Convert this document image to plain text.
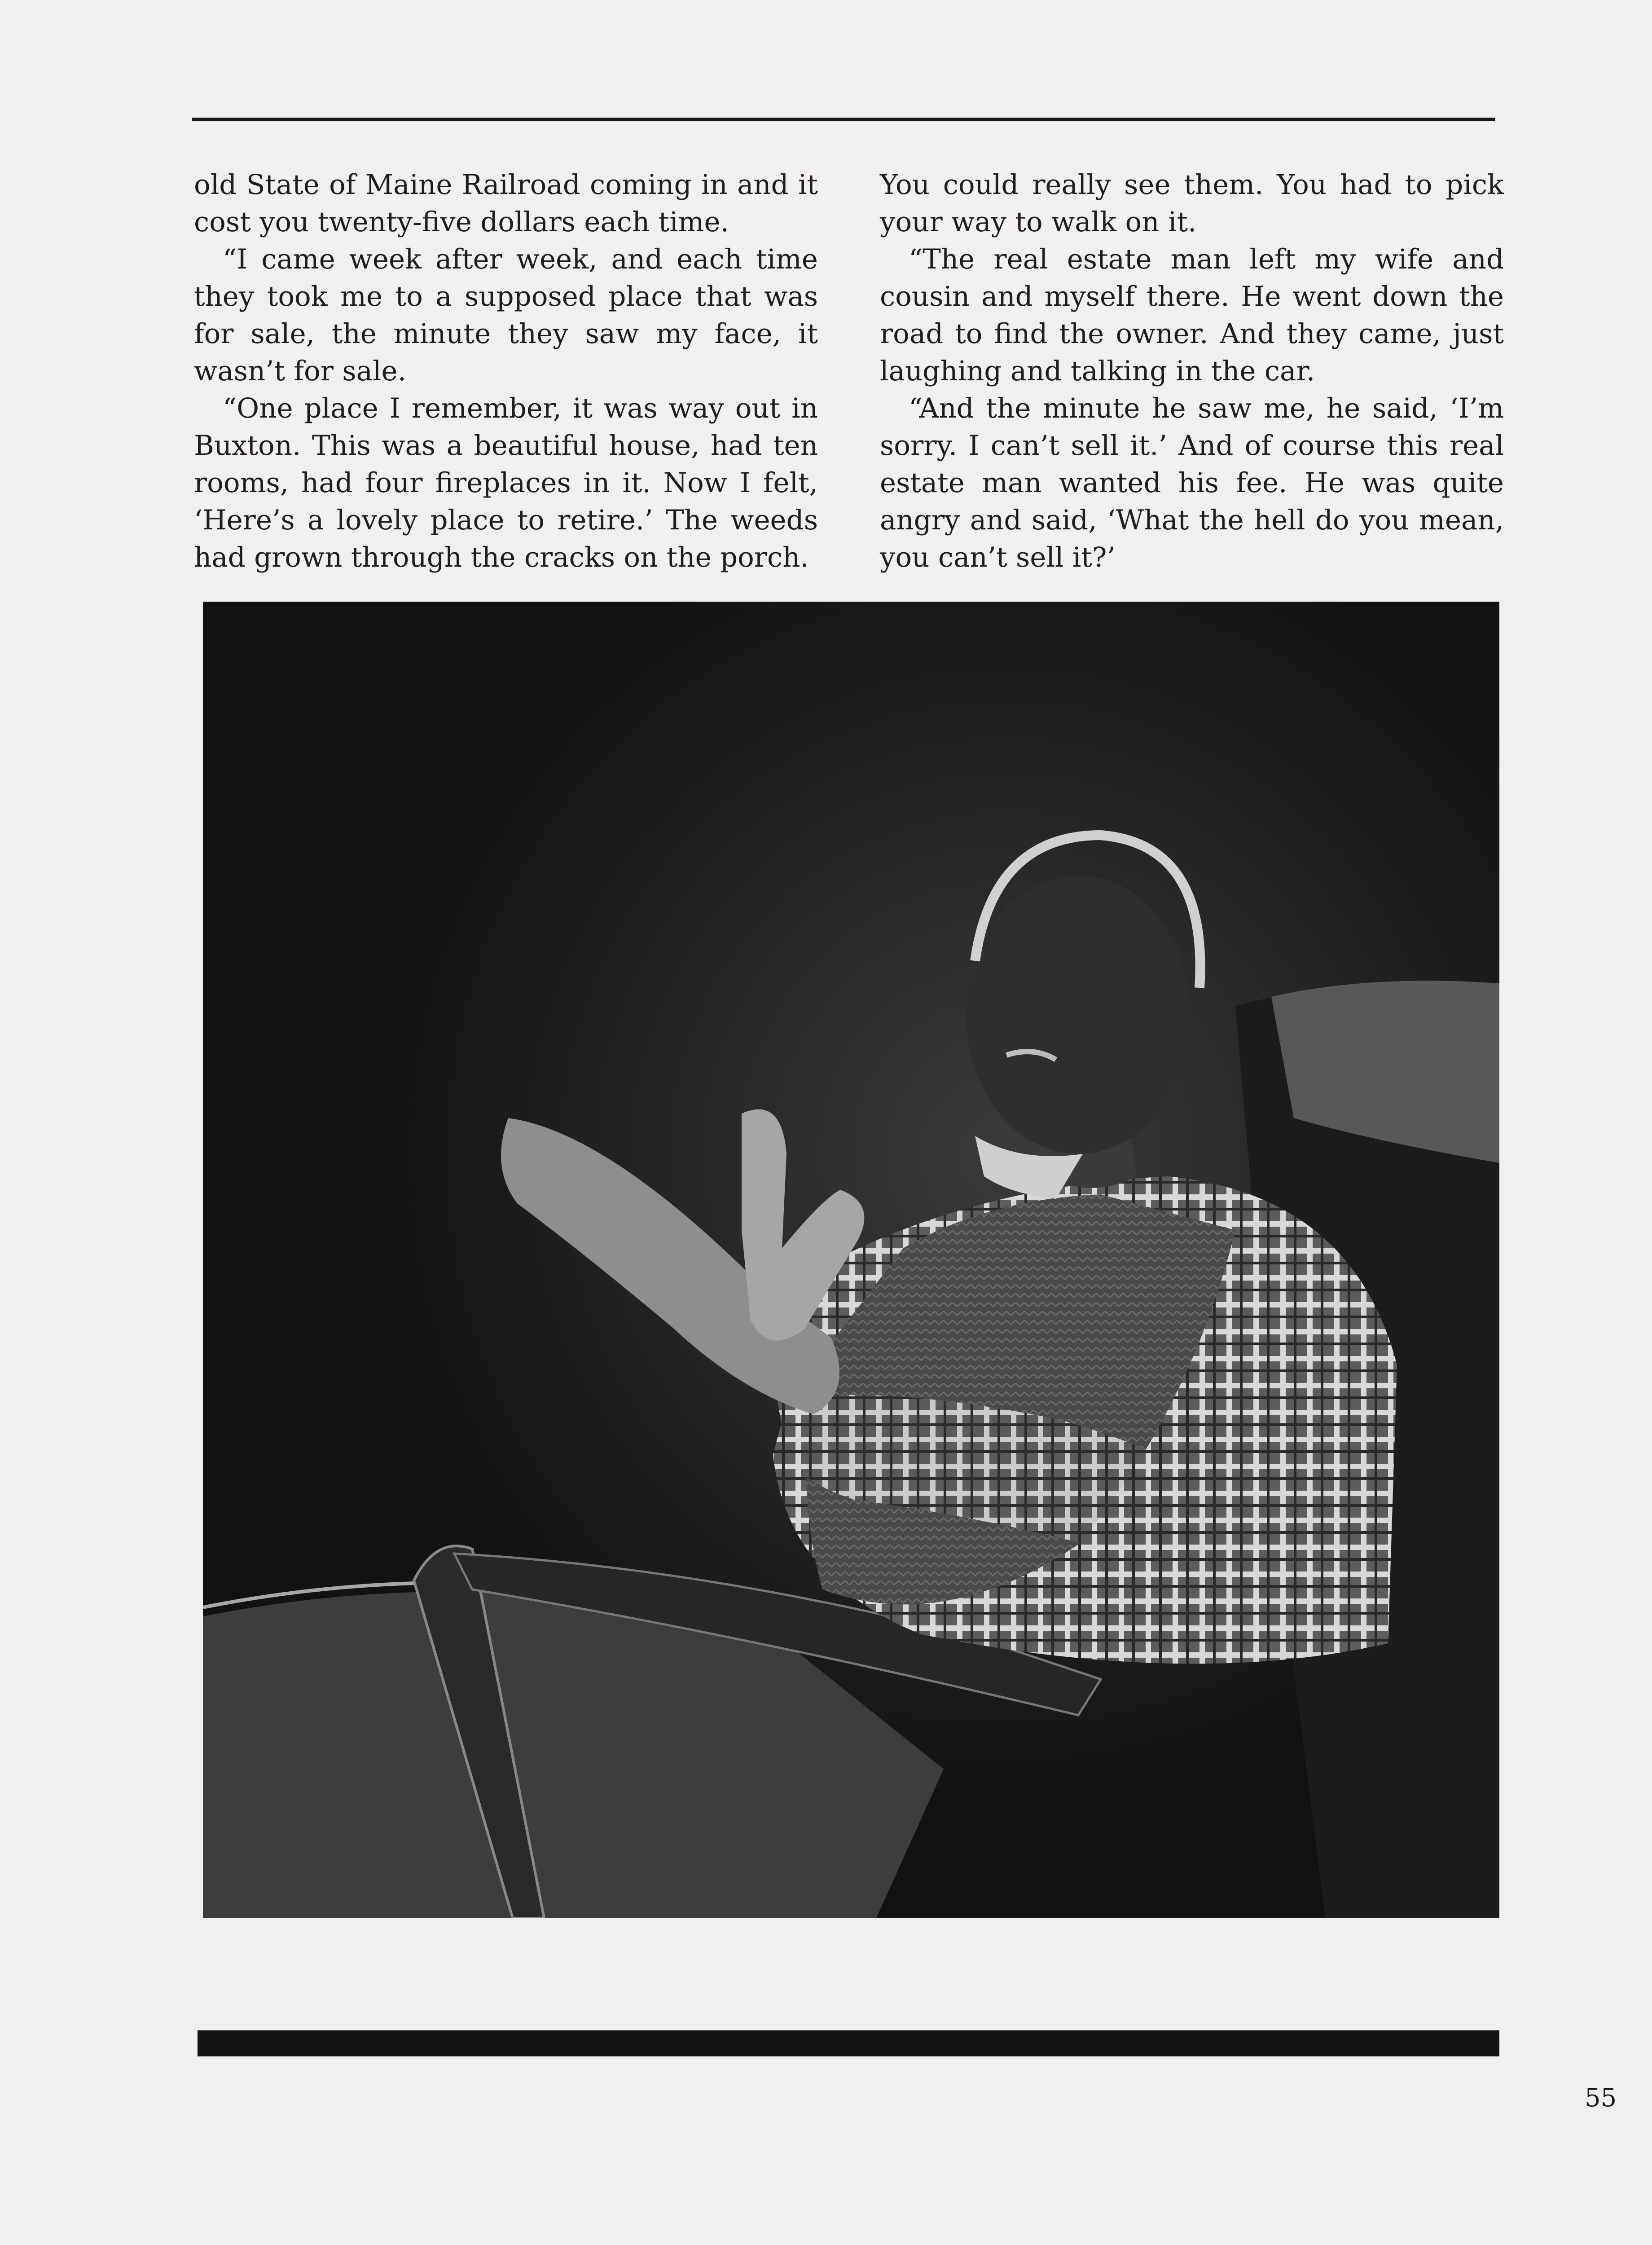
old State of Maine Railroad coming in and it cost you twenty-five dollars each time.

“I came week after week, and each time they took me to a supposed place that was for sale, the minute they saw my face, it wasn’t for sale.

“One place I remember, it was way out in Buxton. This was a beautiful house, had ten rooms, had four fireplaces in it. Now I felt, ‘Here’s a lovely place to retire.’ The weeds had grown through the cracks on the porch.

You could really see them. You had to pick your way to walk on it.

“The real estate man left my wife and cousin and myself there. He went down the road to find the owner. And they came, just laughing and talking in the car.

“And the minute he saw me, he said, ‘I’m sorry. I can’t sell it.’ And of course this real estate man wanted his fee. He was quite angry and said, ‘What the hell do you mean, you can’t sell it?’

55
